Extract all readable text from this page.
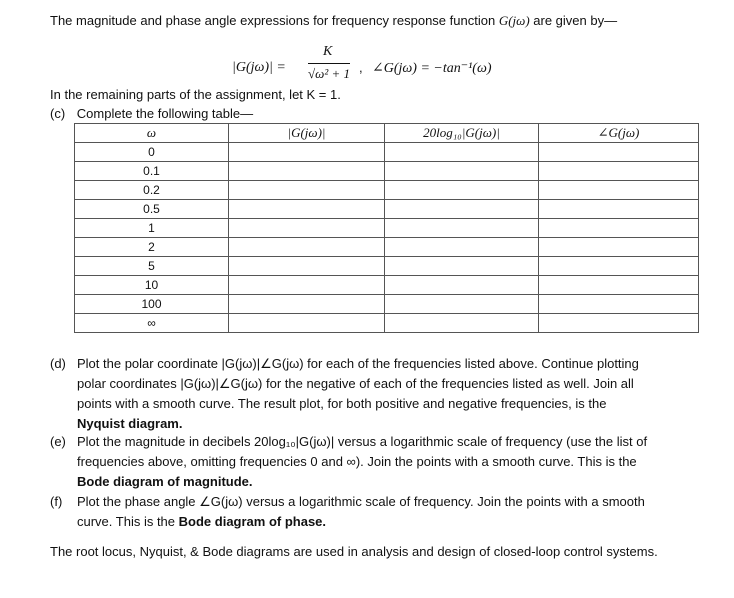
The magnitude and phase angle expressions for frequency response function G(jω) are given by—
|G(jω)| =
K
√ω² + 1 , ∠G(jω) = −tan⁻¹(ω)
In the remaining parts of the assignment, let K = 1.
(c) Complete the following table—
ω	|G(jω)|	20log₁₀|G(jω)|	∠G(jω)
0			
0.1			
0.2			
0.5			
1			
2			
5			
10			
100			
∞			
(d) Plot the polar coordinate |G(jω)|∠G(jω) for each of the frequencies listed above. Continue plotting
polar coordinates |G(jω)|∠G(jω) for the negative of each of the frequencies listed as well. Join all
points with a smooth curve. The result plot, for both positive and negative frequencies, is the
Nyquist diagram.
(e) Plot the magnitude in decibels 20log₁₀|G(jω)| versus a logarithmic scale of frequency (use the list of
frequencies above, omitting frequencies 0 and ∞). Join the points with a smooth curve. This is the
Bode diagram of magnitude.
(f) Plot the phase angle ∠G(jω) versus a logarithmic scale of frequency. Join the points with a smooth
curve. This is the Bode diagram of phase.
The root locus, Nyquist, & Bode diagrams are used in analysis and design of closed-loop control systems.
